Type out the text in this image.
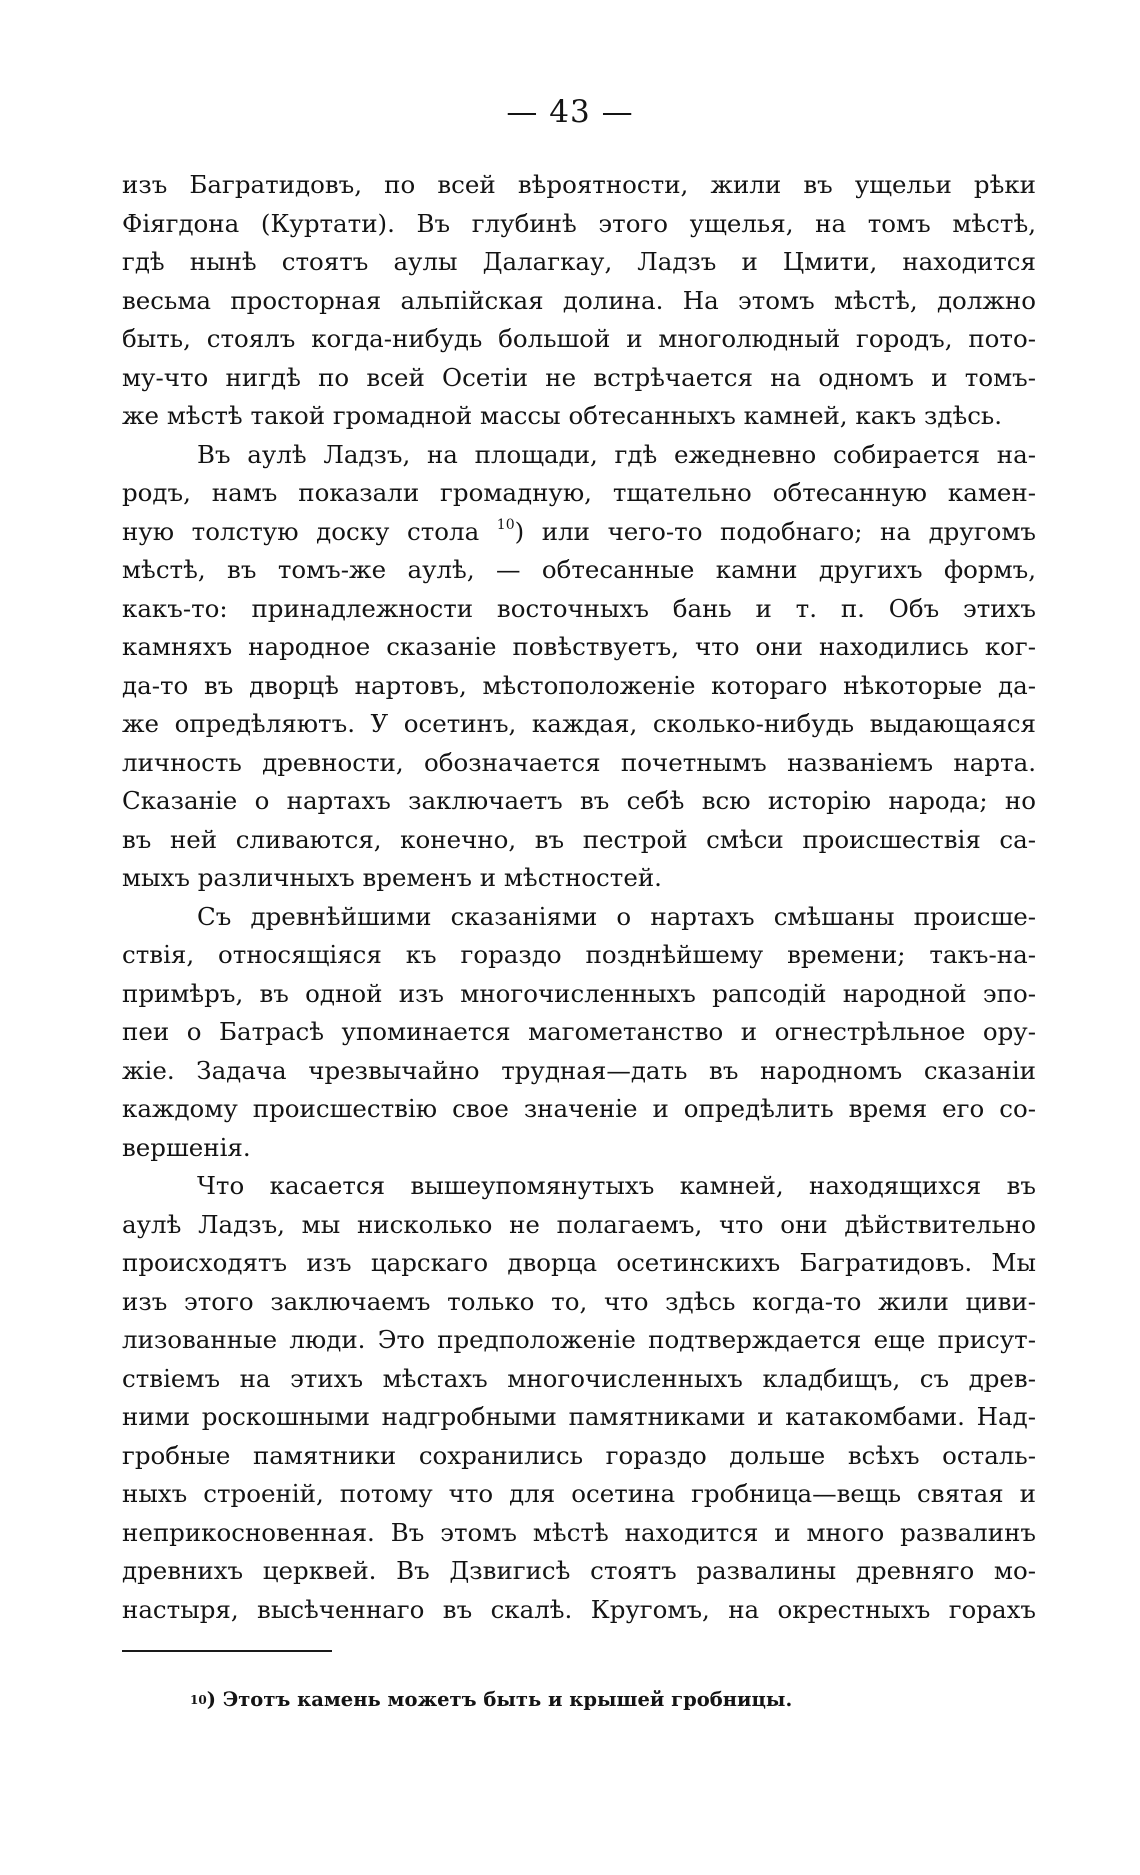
— 43 —
изъ Багратидовъ, по всей вѣроятности, жили въ ущельи рѣки
Фіягдона (Куртати). Въ глубинѣ этого ущелья, на томъ мѣстѣ,
гдѣ нынѣ стоятъ аулы Далагкау, Ладзъ и Цмити, находится
весьма просторная альпійская долина. На этомъ мѣстѣ, должно
быть, стоялъ когда-нибудь большой и многолюдный городъ, пото-
му-что нигдѣ по всей Осетіи не встрѣчается на одномъ и томъ-
же мѣстѣ такой громадной массы обтесанныхъ камней, какъ здѣсь.
Въ аулѣ Ладзъ, на площади, гдѣ ежедневно собирается на-
родъ, намъ показали громадную, тщательно обтесанную камен-
ную толстую доску стола $^{10}$) или чего-то подобнаго; на другомъ
мѣстѣ, въ томъ-же аулѣ, — обтесанные камни другихъ формъ,
какъ-то: принадлежности восточныхъ бань и т. п. Объ этихъ
камняхъ народное сказаніе повѣствуетъ, что они находились ког-
да-то въ дворцѣ нартовъ, мѣстоположеніе котораго нѣкоторые да-
же опредѣляютъ. У осетинъ, каждая, сколько-нибудь выдающаяся
личность древности, обозначается почетнымъ названіемъ нарта.
Сказаніе о нартахъ заключаетъ въ себѣ всю исторію народа; но
въ ней сливаются, конечно, въ пестрой смѣси происшествія са-
мыхъ различныхъ временъ и мѣстностей.
Съ древнѣйшими сказаніями о нартахъ смѣшаны происше-
ствія, относящіяся къ гораздо позднѣйшему времени; такъ-на-
примѣръ, въ одной изъ многочисленныхъ рапсодій народной эпо-
пеи о Батрасѣ упоминается магометанство и огнестрѣльное ору-
жіе. Задача чрезвычайно трудная—дать въ народномъ сказаніи
каждому происшествію свое значеніе и опредѣлить время его со-
вершенія.
Что касается вышеупомянутыхъ камней, находящихся въ
аулѣ Ладзъ, мы нисколько не полагаемъ, что они дѣйствительно
происходятъ изъ царскаго дворца осетинскихъ Багратидовъ. Мы
изъ этого заключаемъ только то, что здѣсь когда-то жили циви-
лизованные люди. Это предположеніе подтверждается еще присут-
ствіемъ на этихъ мѣстахъ многочисленныхъ кладбищъ, съ древ-
ними роскошными надгробными памятниками и катакомбами. Над-
гробные памятники сохранились гораздо дольше всѣхъ осталь-
ныхъ строеній, потому что для осетина гробница—вещь святая и
неприкосновенная. Въ этомъ мѣстѣ находится и много развалинъ
древнихъ церквей. Въ Дзвигисѣ стоятъ развалины древняго мо-
настыря, высѣченнаго въ скалѣ. Кругомъ, на окрестныхъ горахъ
$^{10}$) Этотъ камень можетъ быть и крышей гробницы.
